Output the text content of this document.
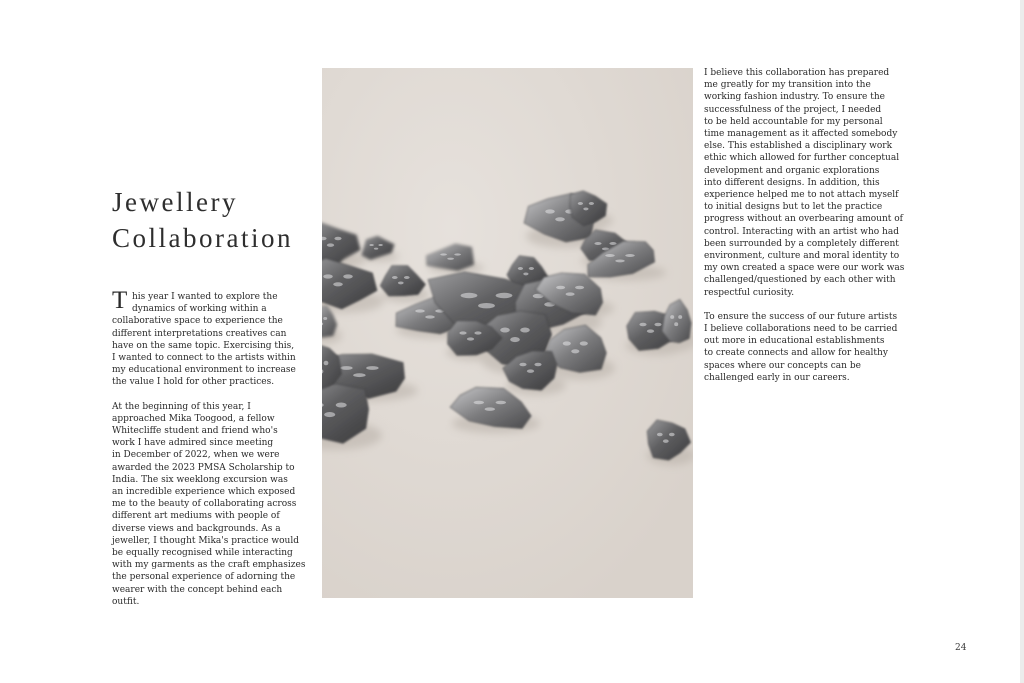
Jewellery
Collaboration
T his year I wanted to explore the
dynamics of working within a
collaborative space to experience the
different interpretations creatives can
have on the same topic. Exercising this,
I wanted to connect to the artists within
my educational environment to increase
the value I hold for other practices.
At the beginning of this year, I
approached Mika Toogood, a fellow
Whitecliffe student and friend who's
work I have admired since meeting
in December of 2022, when we were
awarded the 2023 PMSA Scholarship to
India. The six weeklong excursion was
an incredible experience which exposed
me to the beauty of collaborating across
different art mediums with people of
diverse views and backgrounds. As a
jeweller, I thought Mika's practice would
be equally recognised while interacting
with my garments as the craft emphasizes
the personal experience of adorning the
wearer with the concept behind each
outfit.
I believe this collaboration has prepared
me greatly for my transition into the
working fashion industry. To ensure the
successfulness of the project, I needed
to be held accountable for my personal
time management as it affected somebody
else. This established a disciplinary work
ethic which allowed for further conceptual
development and organic explorations
into different designs. In addition, this
experience helped me to not attach myself
to initial designs but to let the practice
progress without an overbearing amount of
control. Interacting with an artist who had
been surrounded by a completely different
environment, culture and moral identity to
my own created a space were our work was
challenged/questioned by each other with
respectful curiosity.
To ensure the success of our future artists
I believe collaborations need to be carried
out more in educational establishments
to create connects and allow for healthy
spaces where our concepts can be
challenged early in our careers.
24
